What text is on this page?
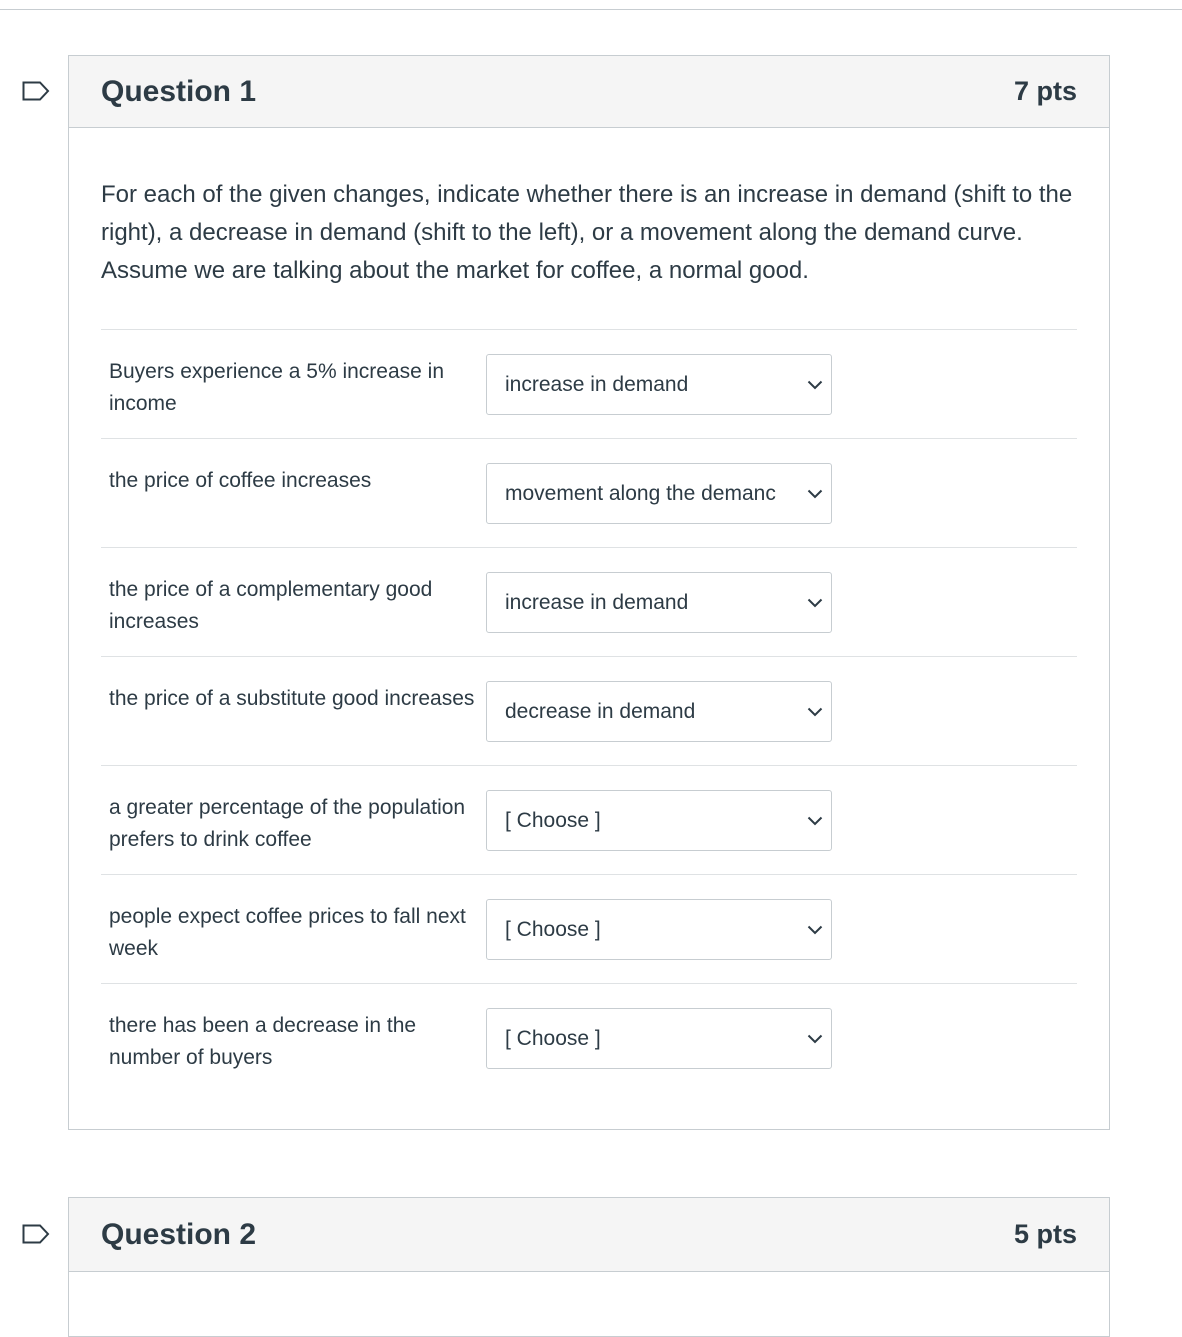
Question 1	7 pts

For each of the given changes, indicate whether there is an increase in demand (shift to the right), a decrease in demand (shift to the left), or a movement along the demand curve. Assume we are talking about the market for coffee, a normal good.

Buyers experience a 5% increase in income
increase in demand
the price of coffee increases
movement along the demanc
the price of a complementary good increases
increase in demand
the price of a substitute good increases
decrease in demand
a greater percentage of the population prefers to drink coffee
[ Choose ]
people expect coffee prices to fall next week
[ Choose ]
there has been a decrease in the number of buyers
[ Choose ]
Question 2	5 pts
